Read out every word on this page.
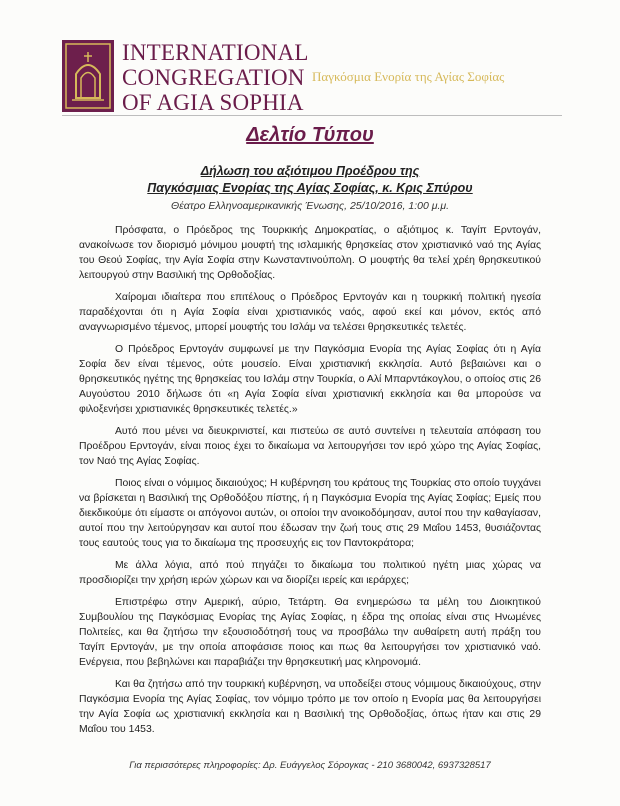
INTERNATIONAL
CONGREGATION
OF AGIA SOPHIA
Παγκόσμια Ενορία της Αγίας Σοφίας
Δελτίο Τύπου
Δήλωση του αξιότιμου Προέδρου της
Παγκόσμιας Ενορίας της Αγίας Σοφίας, κ. Κρις Σπύρου
Θέατρο Ελληνοαμερικανικής Ένωσης, 25/10/2016, 1:00 μ.μ.

Πρόσφατα, ο Πρόεδρος της Τουρκικής Δημοκρατίας, ο αξιότιμος κ. Ταγίπ Ερντογάν, ανακοίνωσε τον διορισμό μόνιμου μουφτή της ισλαμικής θρησκείας στον χριστιανικό ναό της Αγίας του Θεού Σοφίας, την Αγία Σοφία στην Κωνσταντινούπολη. Ο μουφτής θα τελεί χρέη θρησκευτικού λειτουργού στην Βασιλική της Ορθοδοξίας.

Χαίρομαι ιδιαίτερα που επιτέλους ο Πρόεδρος Ερντογάν και η τουρκική πολιτική ηγεσία παραδέχονται ότι η Αγία Σοφία είναι χριστιανικός ναός, αφού εκεί και μόνον, εκτός από αναγνωρισμένο τέμενος, μπορεί μουφτής του Ισλάμ να τελέσει θρησκευτικές τελετές.

Ο Πρόεδρος Ερντογάν συμφωνεί με την Παγκόσμια Ενορία της Αγίας Σοφίας ότι η Αγία Σοφία δεν είναι τέμενος, ούτε μουσείο. Είναι χριστιανική εκκλησία. Αυτό βεβαιώνει και ο θρησκευτικός ηγέτης της θρησκείας του Ισλάμ στην Τουρκία, ο Αλί Μπαρντάκογλου, ο οποίος στις 26 Αυγούστου 2010 δήλωσε ότι «η Αγία Σοφία είναι χριστιανική εκκλησία και θα μπορούσε να φιλοξενήσει χριστιανικές θρησκευτικές τελετές.»

Αυτό που μένει να διευκρινιστεί, και πιστεύω σε αυτό συντείνει η τελευταία απόφαση του Προέδρου Ερντογάν, είναι ποιος έχει το δικαίωμα να λειτουργήσει τον ιερό χώρο της Αγίας Σοφίας, τον Ναό της Αγίας Σοφίας.

Ποιος είναι ο νόμιμος δικαιούχος; Η κυβέρνηση του κράτους της Τουρκίας στο οποίο τυγχάνει να βρίσκεται η Βασιλική της Ορθοδόξου πίστης, ή η Παγκόσμια Ενορία της Αγίας Σοφίας; Εμείς που διεκδικούμε ότι είμαστε οι απόγονοι αυτών, οι οποίοι την ανοικοδόμησαν, αυτοί που την καθαγίασαν, αυτοί που την λειτούργησαν και αυτοί που έδωσαν την ζωή τους στις 29 Μαΐου 1453, θυσιάζοντας τους εαυτούς τους για το δικαίωμα της προσευχής εις τον Παντοκράτορα;

Με άλλα λόγια, από πού πηγάζει το δικαίωμα του πολιτικού ηγέτη μιας χώρας να προσδιορίζει την χρήση ιερών χώρων και να διορίζει ιερείς και ιεράρχες;

Επιστρέφω στην Αμερική, αύριο, Τετάρτη. Θα ενημερώσω τα μέλη του Διοικητικού Συμβουλίου της Παγκόσμιας Ενορίας της Αγίας Σοφίας, η έδρα της οποίας είναι στις Ηνωμένες Πολιτείες, και θα ζητήσω την εξουσιοδότησή τους να προσβάλω την αυθαίρετη αυτή πράξη του Ταγίπ Ερντογάν, με την οποία αποφάσισε ποιος και πως θα λειτουργήσει τον χριστιανικό ναό. Ενέργεια, που βεβηλώνει και παραβιάζει την θρησκευτική μας κληρονομιά.

Και θα ζητήσω από την τουρκική κυβέρνηση, να υποδείξει στους νόμιμους δικαιούχους, στην Παγκόσμια Ενορία της Αγίας Σοφίας, τον νόμιμο τρόπο με τον οποίο η Ενορία μας θα λειτουργήσει την Αγία Σοφία ως χριστιανική εκκλησία και η Βασιλική της Ορθοδοξίας, όπως ήταν και στις 29 Μαΐου του 1453.

Για περισσότερες πληροφορίες: Δρ. Ευάγγελος Σόρογκας - 210 3680042, 6937328517
